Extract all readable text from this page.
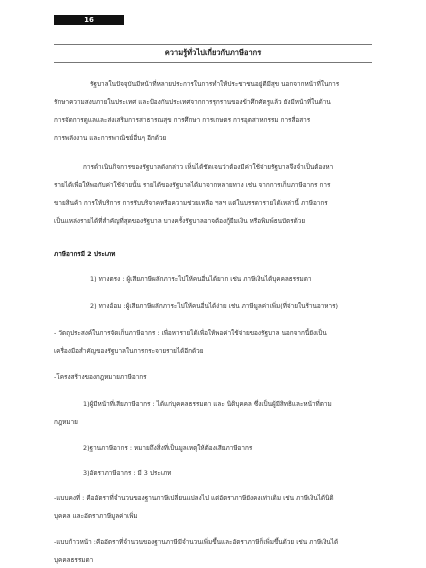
16
ความรู้ทั่วไปเกี่ยวกับภาษีอากร
รัฐบาลในปัจจุบันมีหน้าที่หลายประการในการทำให้ประชาชนอยู่ดีมีสุข นอกจากหน้าที่ในการ
รักษาความสงบภายในประเทศ และป้องกันประเทศจากการรุกรานของข้าศึกศัตรูแล้ว ยังมีหน้าที่ในด้าน
การจัดการดูแลและส่งเสริมการสาธารณสุข การศึกษา การเกษตร การอุตสาหกรรม การสื่อสาร
การพลังงาน และการพาณิชย์อื่นๆ อีกด้วย
การดำเนินกิจการของรัฐบาลดังกล่าว เห็นได้ชัดเจนว่าต้องมีค่าใช้จ่ายรัฐบาลจึงจำเป็นต้องหา
รายได้เพื่อให้พอกับค่าใช้จ่ายนั้น รายได้ของรัฐบาลได้มาจากหลายทาง เช่น จากการเก็บภาษีอากร การ
ขายสินค้า การให้บริการ การรับบริจาคหรือความช่วยเหลือ ฯลฯ แต่ในบรรดารายได้เหล่านี้ ภาษีอากร
เป็นแหล่งรายได้ที่สำคัญที่สุดของรัฐบาล บางครั้งรัฐบาลอาจต้องกู้ยืมเงิน หรือพิมพ์ธนบัตรด้วย
ภาษีอากรมี 2 ประเภท
1) ทางตรง : ผู้เสียภาษีผลักภาระไปให้คนอื่นได้ยาก เช่น ภาษีเงินได้บุคคลธรรมดา
2) ทางอ้อม :ผู้เสียภาษีผลักภาระไปให้คนอื่นได้ง่าย เช่น ภาษีมูลค่าเพิ่ม(ที่จ่ายในร้านอาหาร)
- วัตถุประสงค์ในการจัดเก็บภาษีอากร : เพื่อหารายได้เพื่อให้พอค่าใช้จ่ายของรัฐบาล นอกจากนี้ยังเป็น
เครื่องมือสำคัญของรัฐบาลในการกระจายรายได้อีกด้วย
-โครงสร้างของกฎหมายภาษีอากร
1)ผู้มีหน้าที่เสียภาษีอากร : ได้แก่บุคคลธรรมดา และ นิติบุคคล ซึ่งเป็นผู้มีสิทธิและหน้าที่ตาม
กฎหมาย
2)ฐานภาษีอากร : หมายถึงสิ่งที่เป็นมูลเหตุให้ต้องเสียภาษีอากร
3)อัตราภาษีอากร : มี 3 ประเภท
-แบบคงที่ : คืออัตราที่จำนวนของฐานภาษีเปลี่ยนแปลงไป แต่อัตราภาษียังคงเท่าเดิม เช่น ภาษีเงินได้นิติ
บุคคล และอัตราภาษีมูลค่าเพิ่ม
-แบบก้าวหน้า :คืออัตราที่จำนวนของฐานภาษีมีจำนวนเพิ่มขึ้นและอัตราภาษีก็เพิ่มขึ้นด้วย เช่น ภาษีเงินได้
บุคคลธรรมดา
